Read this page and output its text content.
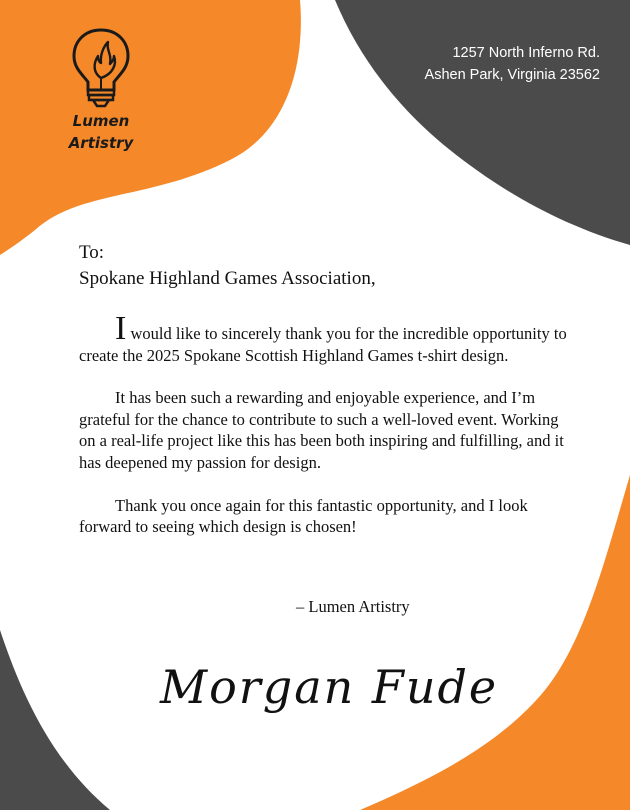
Lumen
Artistry
1257 North Inferno Rd.
Ashen Park, Virginia 23562

To:

Spokane Highland Games Association,

I would like to sincerely thank you for the incredible opportunity to create the 2025 Spokane Scottish Highland Games t-shirt design.

It has been such a rewarding and enjoyable experience, and I’m grateful for the chance to contribute to such a well-loved event. Working on a real-life project like this has been both inspiring and fulfilling, and it has deepened my passion for design.

Thank you once again for this fantastic opportunity, and I look forward to seeing which design is chosen!

– Lumen Artistry
Morgan Fude
